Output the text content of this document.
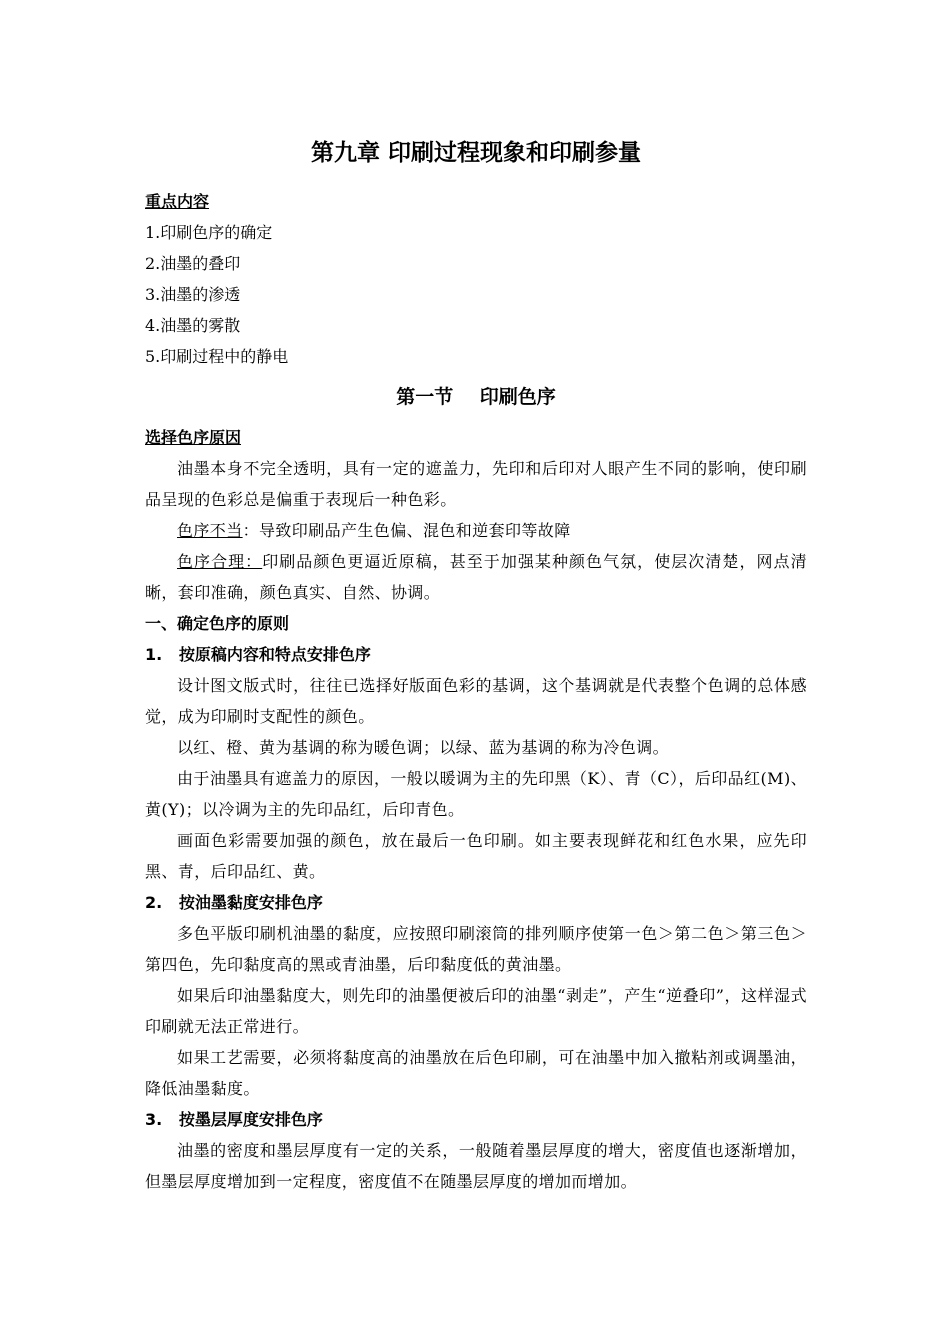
第九章 印刷过程现象和印刷参量
重点内容

1.印刷色序的确定

2.油墨的叠印

3.油墨的渗透

4.油墨的雾散

5.印刷过程中的静电

第一节    印刷色序
选择色序原因

油墨本身不完全透明，具有一定的遮盖力，先印和后印对人眼产生不同的影响，使印刷品呈现的色彩总是偏重于表现后一种色彩。

色序不当：导致印刷品产生色偏、混色和逆套印等故障

色序合理：印刷品颜色更逼近原稿，甚至于加强某种颜色气氛，使层次清楚，网点清晰，套印准确，颜色真实、自然、协调。

一、确定色序的原则

1.   按原稿内容和特点安排色序

设计图文版式时，往往已选择好版面色彩的基调，这个基调就是代表整个色调的总体感觉，成为印刷时支配性的颜色。

以红、橙、黄为基调的称为暖色调；以绿、蓝为基调的称为冷色调。

由于油墨具有遮盖力的原因，一般以暖调为主的先印黑（K）、青（C），后印品红(M)、黄(Y)；以冷调为主的先印品红，后印青色。

画面色彩需要加强的颜色，放在最后一色印刷。如主要表现鲜花和红色水果，应先印黑、青，后印品红、黄。

2.   按油墨黏度安排色序

多色平版印刷机油墨的黏度，应按照印刷滚筒的排列顺序使第一色＞第二色＞第三色＞第四色，先印黏度高的黑或青油墨，后印黏度低的黄油墨。

如果后印油墨黏度大，则先印的油墨便被后印的油墨“剥走”，产生“逆叠印”，这样湿式印刷就无法正常进行。

如果工艺需要，必须将黏度高的油墨放在后色印刷，可在油墨中加入撤粘剂或调墨油，降低油墨黏度。

3.   按墨层厚度安排色序

油墨的密度和墨层厚度有一定的关系，一般随着墨层厚度的增大，密度值也逐渐增加，但墨层厚度增加到一定程度，密度值不在随墨层厚度的增加而增加。
